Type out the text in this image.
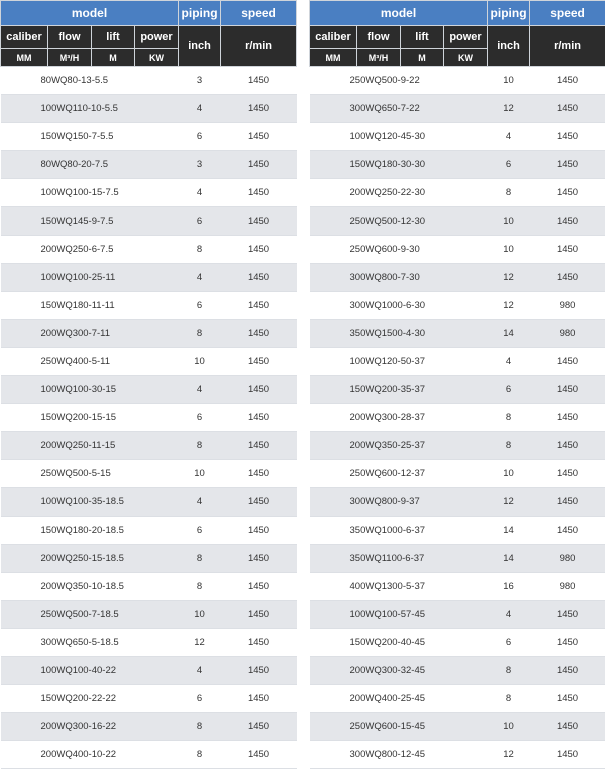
model				piping	speed
caliber	flow	lift	power	inch	r/min
MM	M³/H	M	KW		
80WQ80-13-5.5				3	1450
100WQ110-10-5.5				4	1450
150WQ150-7-5.5				6	1450
80WQ80-20-7.5				3	1450
100WQ100-15-7.5				4	1450
150WQ145-9-7.5				6	1450
200WQ250-6-7.5				8	1450
100WQ100-25-11				4	1450
150WQ180-11-11				6	1450
200WQ300-7-11				8	1450
250WQ400-5-11				10	1450
100WQ100-30-15				4	1450
150WQ200-15-15				6	1450
200WQ250-11-15				8	1450
250WQ500-5-15				10	1450
100WQ100-35-18.5				4	1450
150WQ180-20-18.5				6	1450
200WQ250-15-18.5				8	1450
200WQ350-10-18.5				8	1450
250WQ500-7-18.5				10	1450
300WQ650-5-18.5				12	1450
100WQ100-40-22				4	1450
150WQ200-22-22				6	1450
200WQ300-16-22				8	1450
200WQ400-10-22				8	1450
model				piping	speed
caliber	flow	lift	power	inch	r/min
MM	M³/H	M	KW		
250WQ500-9-22				10	1450
300WQ650-7-22				12	1450
100WQ120-45-30				4	1450
150WQ180-30-30				6	1450
200WQ250-22-30				8	1450
250WQ500-12-30				10	1450
250WQ600-9-30				10	1450
300WQ800-7-30				12	1450
300WQ1000-6-30				12	980
350WQ1500-4-30				14	980
100WQ120-50-37				4	1450
150WQ200-35-37				6	1450
200WQ300-28-37				8	1450
200WQ350-25-37				8	1450
250WQ600-12-37				10	1450
300WQ800-9-37				12	1450
350WQ1000-6-37				14	1450
350WQ1100-6-37				14	980
400WQ1300-5-37				16	980
100WQ100-57-45				4	1450
150WQ200-40-45				6	1450
200WQ300-32-45				8	1450
200WQ400-25-45				8	1450
250WQ600-15-45				10	1450
300WQ800-12-45				12	1450
